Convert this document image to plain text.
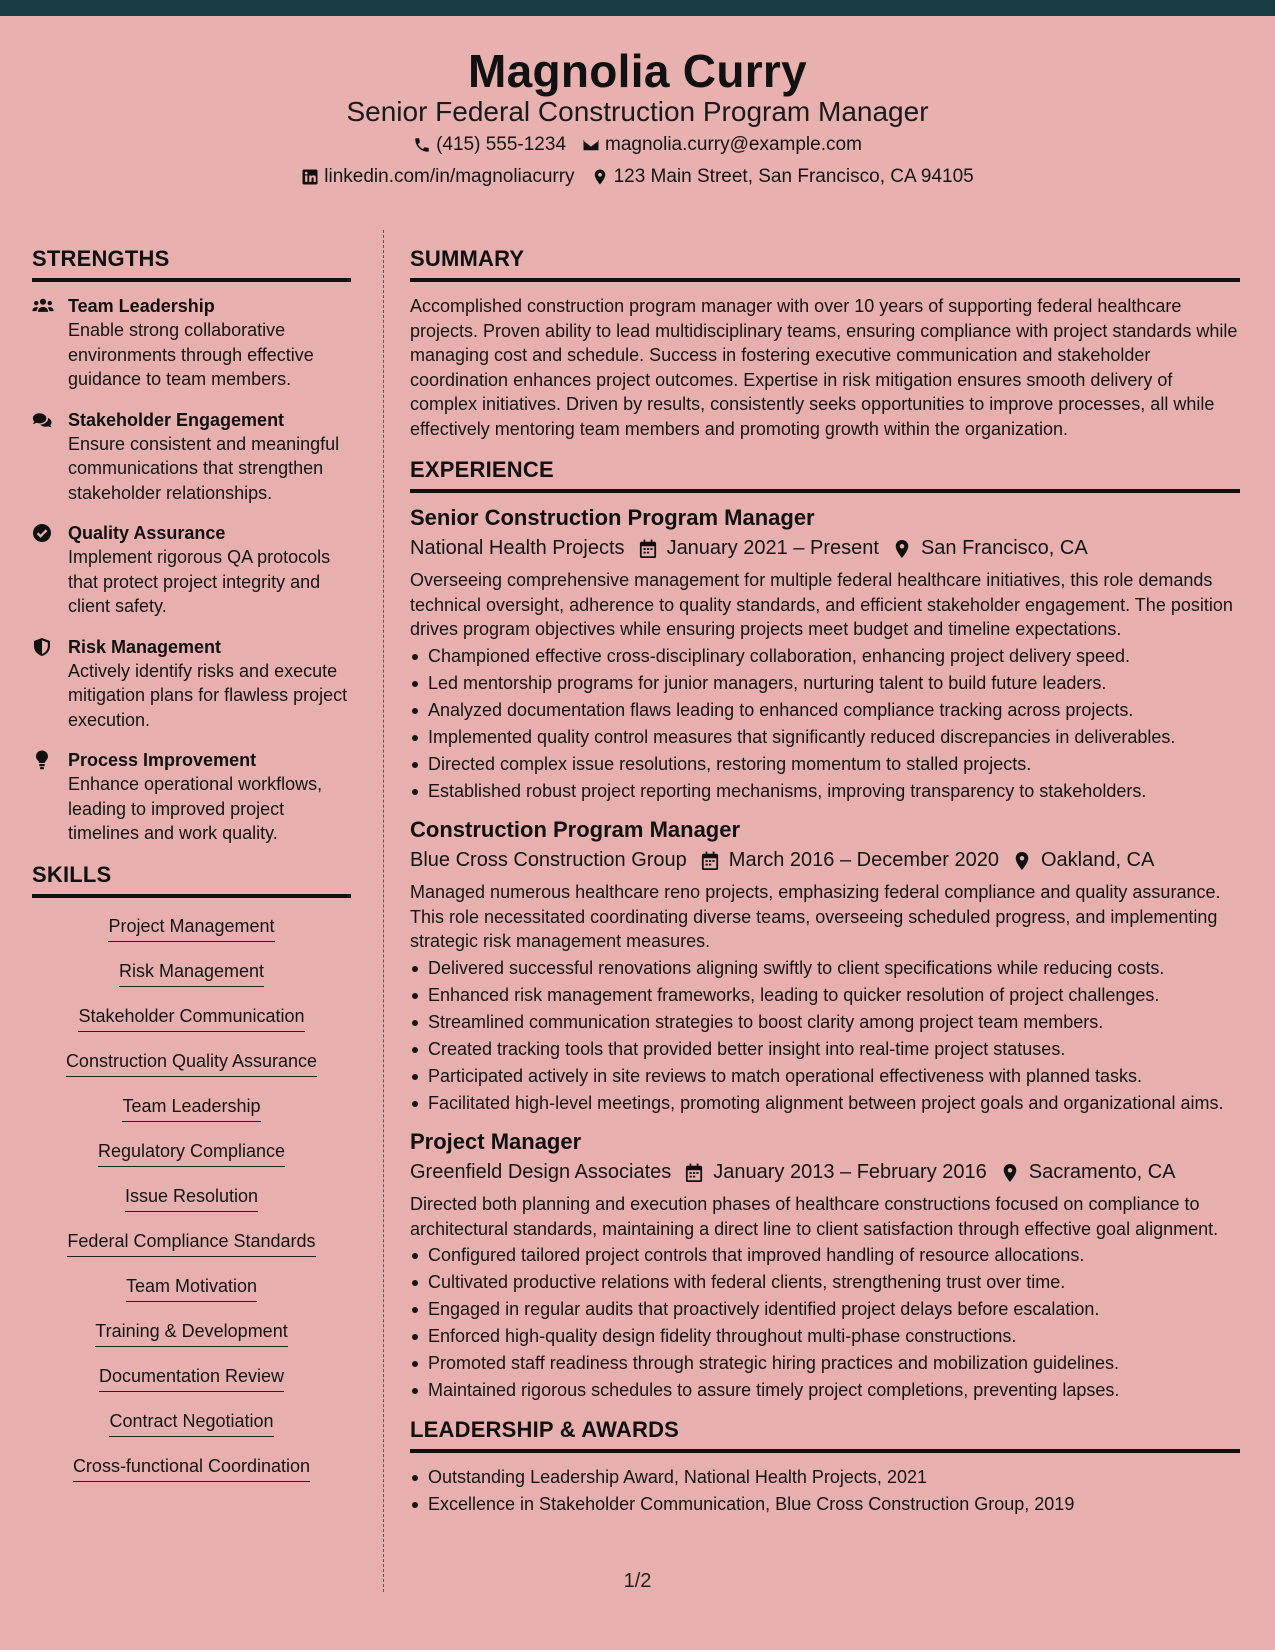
Magnolia Curry
Senior Federal Construction Program Manager
(415) 555-1234 magnolia.curry@example.com
linkedin.com/in/magnoliacurry 123 Main Street, San Francisco, CA 94105
STRENGTHS
Team Leadership
Enable strong collaborative environments through effective guidance to team members.
Stakeholder Engagement
Ensure consistent and meaningful communications that strengthen stakeholder relationships.
Quality Assurance
Implement rigorous QA protocols that protect project integrity and client safety.
Risk Management
Actively identify risks and execute mitigation plans for flawless project execution.
Process Improvement
Enhance operational workflows, leading to improved project timelines and work quality.
SKILLS
Project Management
Risk Management
Stakeholder Communication
Construction Quality Assurance
Team Leadership
Regulatory Compliance
Issue Resolution
Federal Compliance Standards
Team Motivation
Training & Development
Documentation Review
Contract Negotiation
Cross-functional Coordination
SUMMARY
Accomplished construction program manager with over 10 years of supporting federal healthcare projects. Proven ability to lead multidisciplinary teams, ensuring compliance with project standards while managing cost and schedule. Success in fostering executive communication and stakeholder coordination enhances project outcomes. Expertise in risk mitigation ensures smooth delivery of complex initiatives. Driven by results, consistently seeks opportunities to improve processes, all while effectively mentoring team members and promoting growth within the organization.
EXPERIENCE
Senior Construction Program Manager
National Health Projects January 2021 – Present San Francisco, CA
Overseeing comprehensive management for multiple federal healthcare initiatives, this role demands technical oversight, adherence to quality standards, and efficient stakeholder engagement. The position drives program objectives while ensuring projects meet budget and timeline expectations.
Championed effective cross-disciplinary collaboration, enhancing project delivery speed.
Led mentorship programs for junior managers, nurturing talent to build future leaders.
Analyzed documentation flaws leading to enhanced compliance tracking across projects.
Implemented quality control measures that significantly reduced discrepancies in deliverables.
Directed complex issue resolutions, restoring momentum to stalled projects.
Established robust project reporting mechanisms, improving transparency to stakeholders.
Construction Program Manager
Blue Cross Construction Group March 2016 – December 2020 Oakland, CA
Managed numerous healthcare reno projects, emphasizing federal compliance and quality assurance. This role necessitated coordinating diverse teams, overseeing scheduled progress, and implementing strategic risk management measures.
Delivered successful renovations aligning swiftly to client specifications while reducing costs.
Enhanced risk management frameworks, leading to quicker resolution of project challenges.
Streamlined communication strategies to boost clarity among project team members.
Created tracking tools that provided better insight into real-time project statuses.
Participated actively in site reviews to match operational effectiveness with planned tasks.
Facilitated high-level meetings, promoting alignment between project goals and organizational aims.
Project Manager
Greenfield Design Associates January 2013 – February 2016 Sacramento, CA
Directed both planning and execution phases of healthcare constructions focused on compliance to architectural standards, maintaining a direct line to client satisfaction through effective goal alignment.
Configured tailored project controls that improved handling of resource allocations.
Cultivated productive relations with federal clients, strengthening trust over time.
Engaged in regular audits that proactively identified project delays before escalation.
Enforced high-quality design fidelity throughout multi-phase constructions.
Promoted staff readiness through strategic hiring practices and mobilization guidelines.
Maintained rigorous schedules to assure timely project completions, preventing lapses.
LEADERSHIP & AWARDS
Outstanding Leadership Award, National Health Projects, 2021
Excellence in Stakeholder Communication, Blue Cross Construction Group, 2019
1/2
